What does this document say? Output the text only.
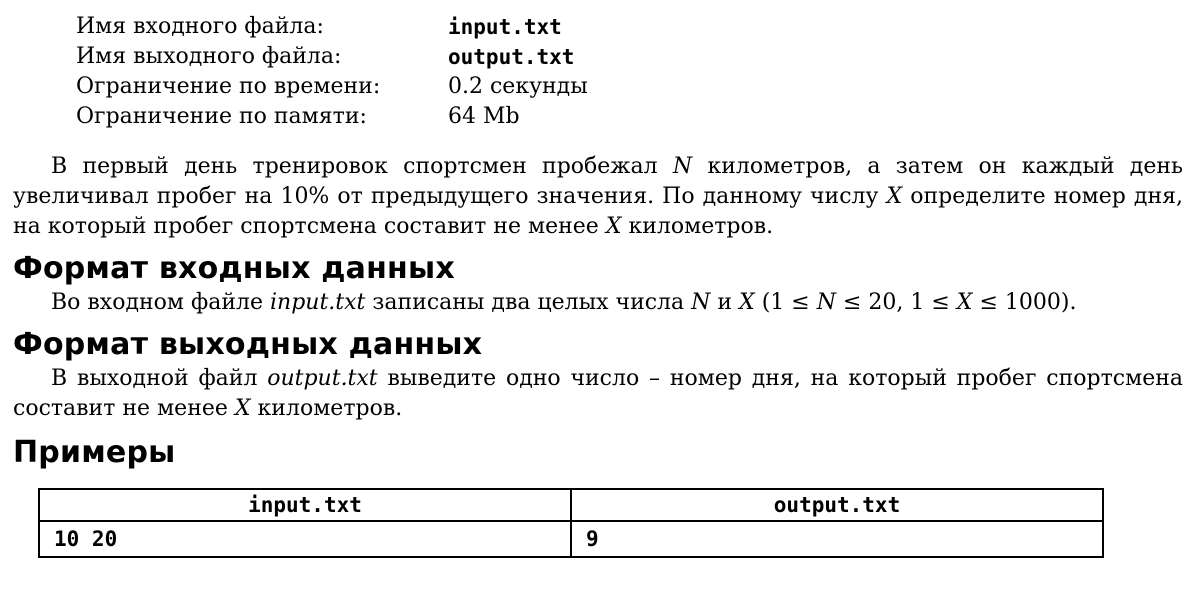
Имя входного файла:	input.txt
Имя выходного файла:	output.txt
Ограничение по времени:	0.2 секунды
Ограничение по памяти:	64 Mb

В первый день тренировок спортсмен пробежал N километров, а затем он каждый день увеличивал пробег на 10% от предыдущего значения. По данному числу X определите номер дня, на который пробег спортсмена составит не менее X километров.

Формат входных данных

Во входном файле input.txt записаны два целых числа N и X (1 ≤ N ≤ 20, 1 ≤ X ≤ 1000).

Формат выходных данных

В выходной файл output.txt выведите одно число – номер дня, на который пробег спортсмена составит не менее X километров.

Примеры
input.txt	output.txt
10 20	9
